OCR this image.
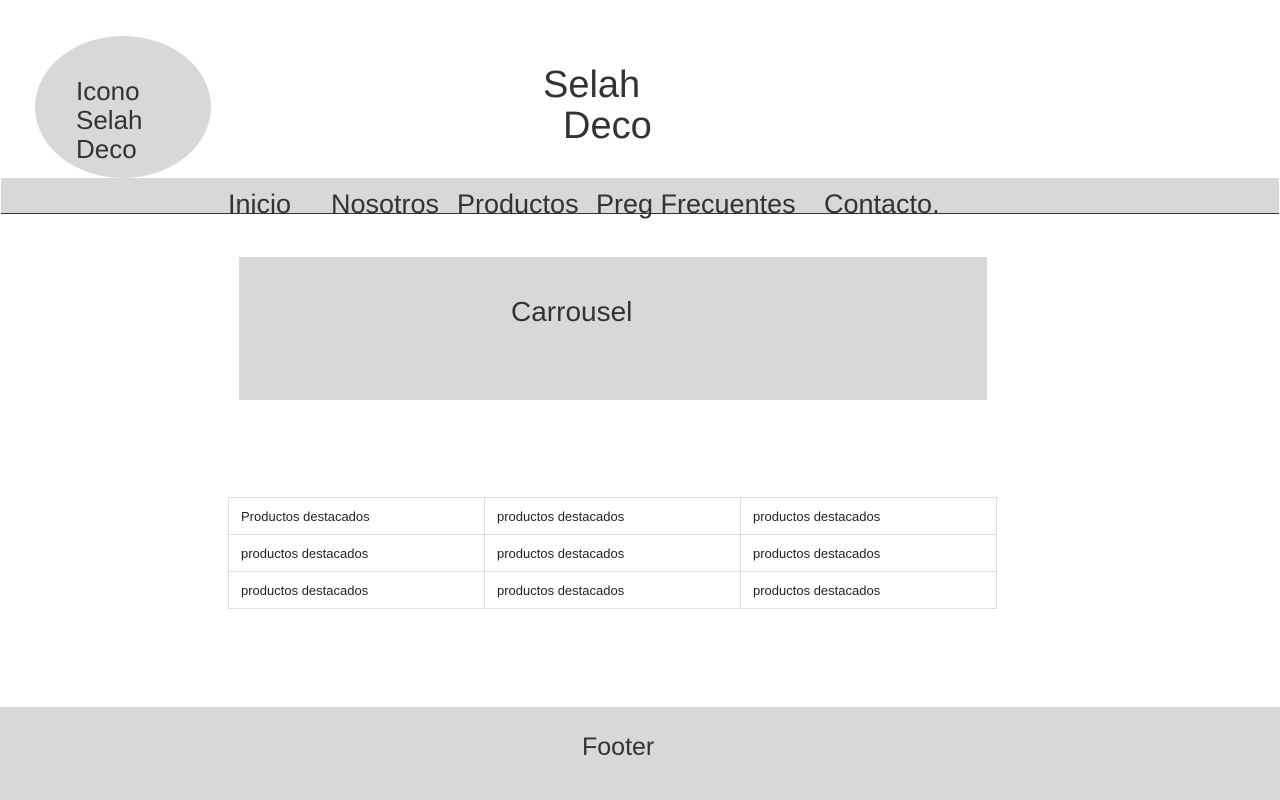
Icono Selah Deco
Selah
Deco
Inicio Nosotros Productos Preg Frecuentes Contacto.
Carrousel
Productos destacados	productos destacados	productos destacados
productos destacados	productos destacados	productos destacados
productos destacados	productos destacados	productos destacados
Footer
